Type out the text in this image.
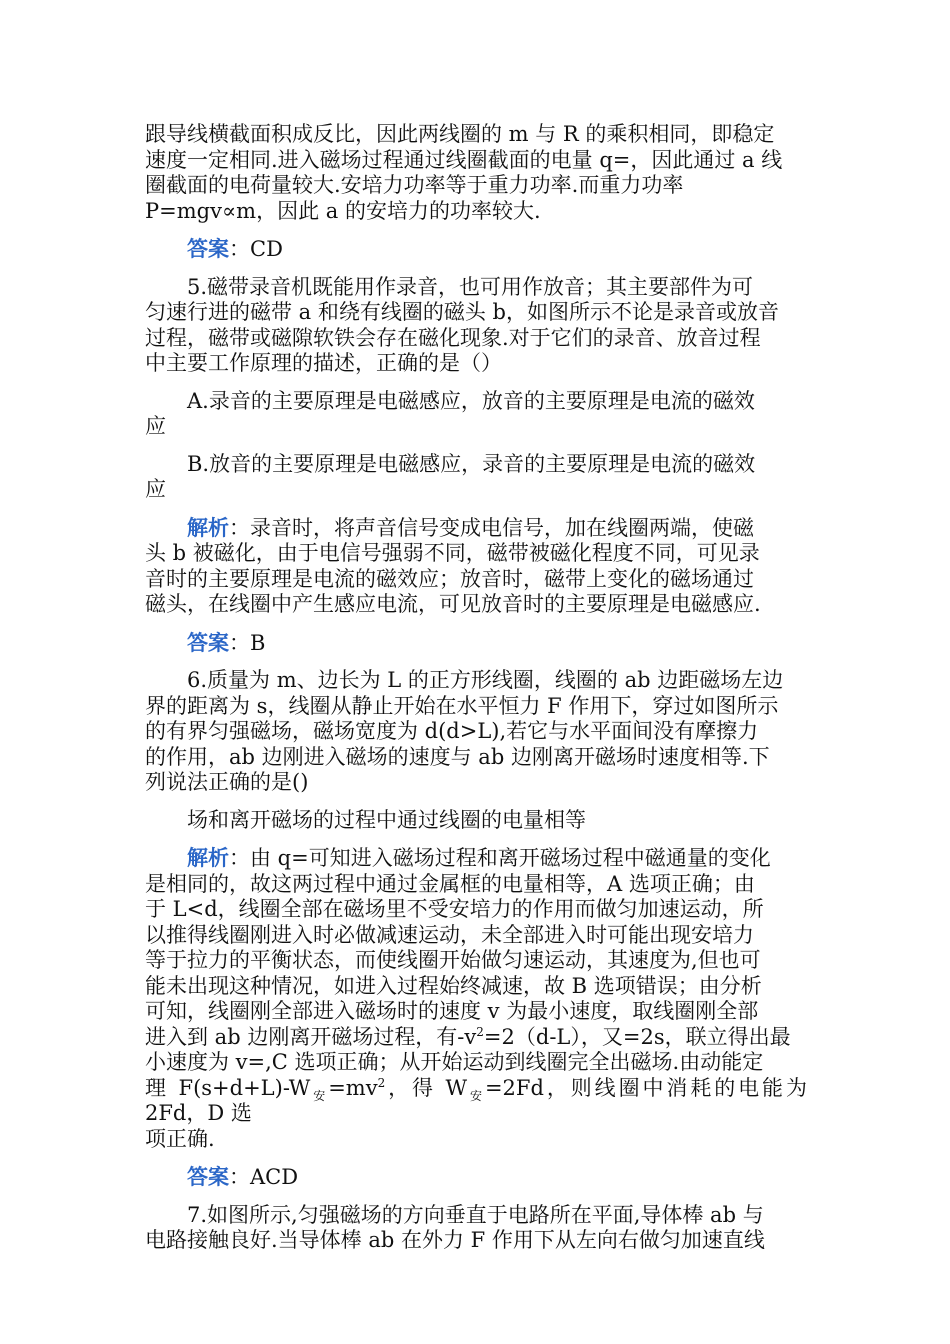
跟导线横截面积成反比，因此两线圈的 m 与 R 的乘积相同，即稳定
速度一定相同.进入磁场过程通过线圈截面的电量 q=，因此通过 a 线
圈截面的电荷量较大.安培力功率等于重力功率.而重力功率
P=mgv∝m，因此 a 的安培力的功率较大.

答案：CD

5.磁带录音机既能用作录音，也可用作放音；其主要部件为可
匀速行进的磁带 a 和绕有线圈的磁头 b，如图所示不论是录音或放音
过程，磁带或磁隙软铁会存在磁化现象.对于它们的录音、放音过程
中主要工作原理的描述，正确的是（）

A.录音的主要原理是电磁感应，放音的主要原理是电流的磁效
应

B.放音的主要原理是电磁感应，录音的主要原理是电流的磁效
应

解析：录音时，将声音信号变成电信号，加在线圈两端，使磁
头 b 被磁化，由于电信号强弱不同，磁带被磁化程度不同，可见录
音时的主要原理是电流的磁效应；放音时，磁带上变化的磁场通过
磁头，在线圈中产生感应电流，可见放音时的主要原理是电磁感应.

答案：B

6.质量为 m、边长为 L 的正方形线圈，线圈的 ab 边距磁场左边
界的距离为 s，线圈从静止开始在水平恒力 F 作用下，穿过如图所示
的有界匀强磁场，磁场宽度为 d(d>L),若它与水平面间没有摩擦力
的作用，ab 边刚进入磁场的速度与 ab 边刚离开磁场时速度相等.下
列说法正确的是()

场和离开磁场的过程中通过线圈的电量相等

解析：由 q=可知进入磁场过程和离开磁场过程中磁通量的变化
是相同的，故这两过程中通过金属框的电量相等，A 选项正确；由
于 L<d，线圈全部在磁场里不受安培力的作用而做匀加速运动，所
以推得线圈刚进入时必做减速运动，未全部进入时可能出现安培力
等于拉力的平衡状态，而使线圈开始做匀速运动，其速度为,但也可
能未出现这种情况，如进入过程始终减速，故 B 选项错误；由分析
可知，线圈刚全部进入磁场时的速度 v 为最小速度，取线圈刚全部
进入到 ab 边刚离开磁场过程，有$-v^2=2(d-L)$，又=2s，联立得出最
小速度为 v=,C 选项正确；从开始运动到线圈完全出磁场.由动能定
理 $F(s+d+L)-W_安=mv^2$，得 $W_安=2Fd$，则线圈中消耗的电能为 2Fd，D 选
项正确.

答案：ACD

7.如图所示,匀强磁场的方向垂直于电路所在平面,导体棒 ab 与
电路接触良好.当导体棒 ab 在外力 F 作用下从左向右做匀加速直线
